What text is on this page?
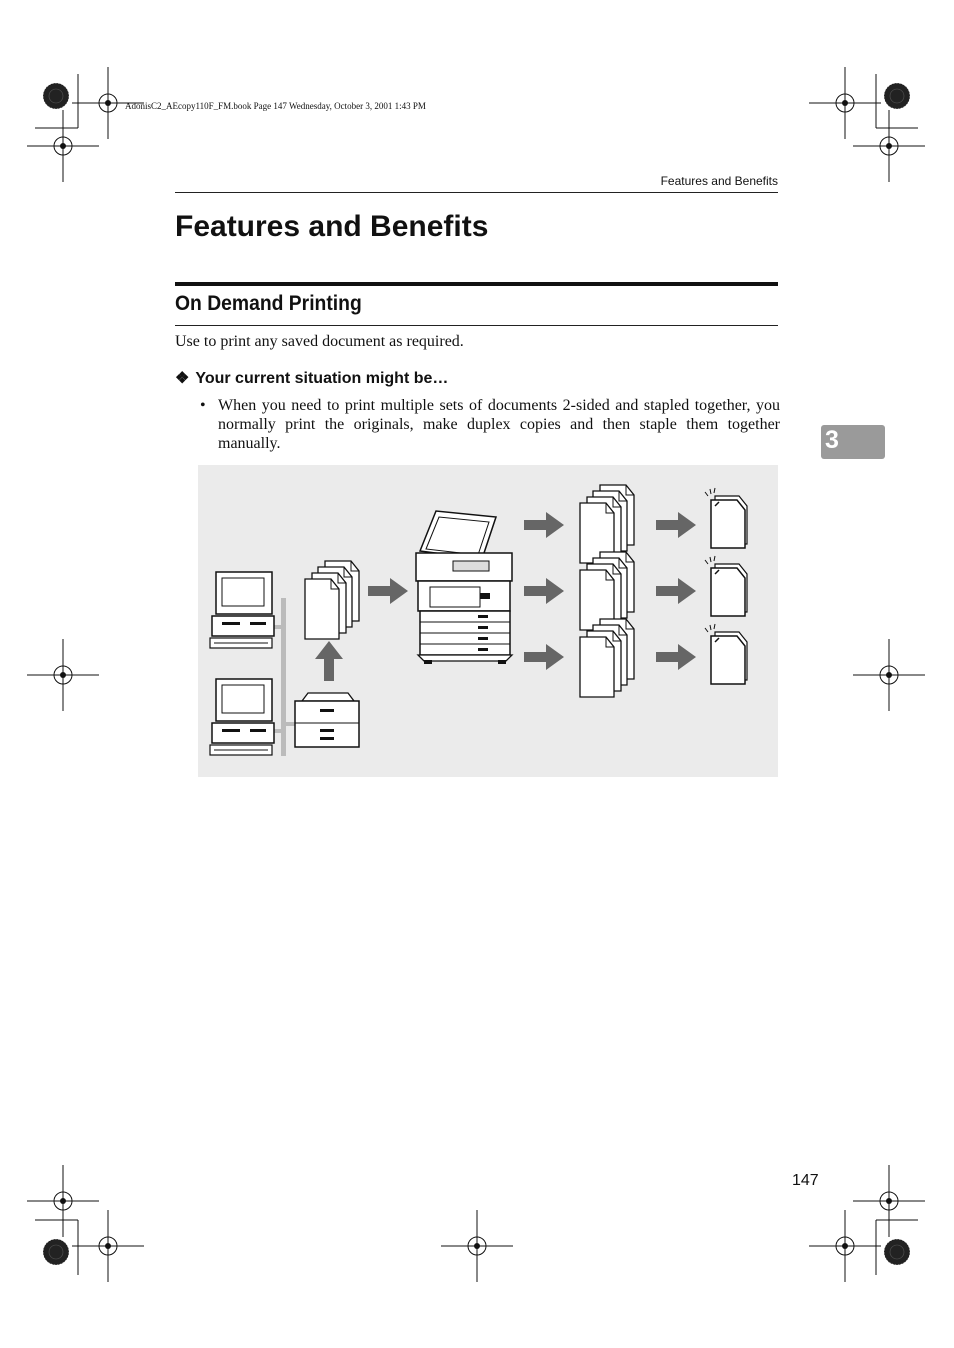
AdonisC2_AEcopy110F_FM.book Page 147 Wednesday, October 3, 2001 1:43 PM
Features and Benefits
Features and Benefits
On Demand Printing
Use to print any saved document as required.
❖ Your current situation might be…
• When you need to print multiple sets of documents 2-sided and stapled together, you normally print the originals, make duplex copies and then staple them together manually.	3
147
